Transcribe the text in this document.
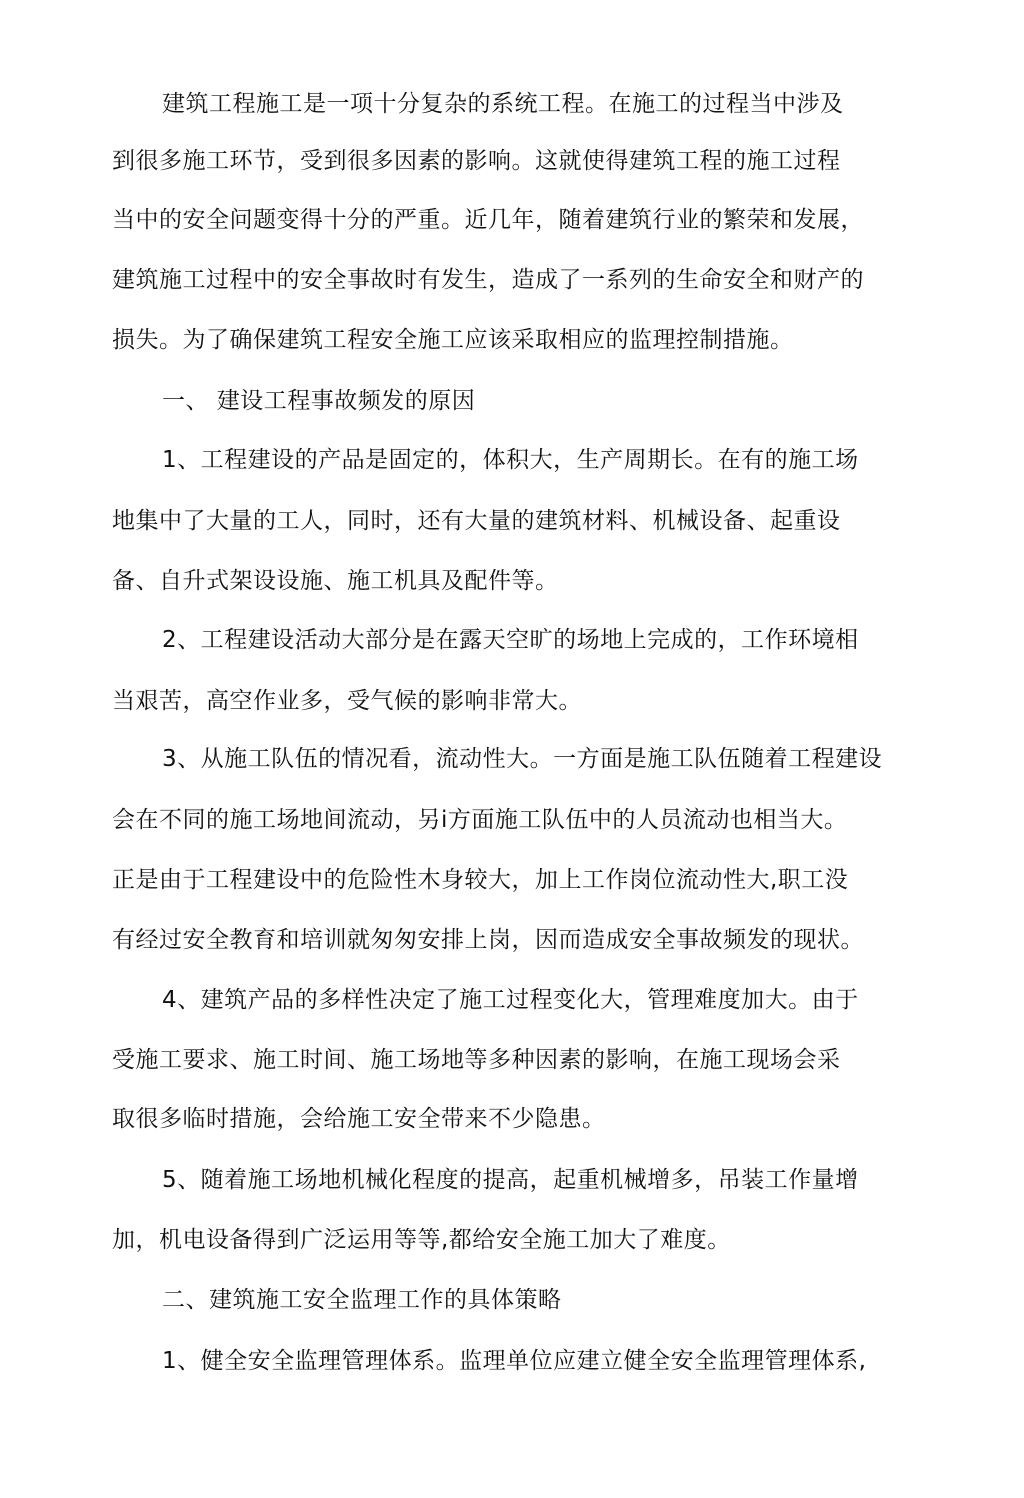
建筑工程施工是一项十分复杂的系统工程。在施工的过程当中涉及
到很多施工环节，受到很多因素的影响。这就使得建筑工程的施工过程
当中的安全问题变得十分的严重。近几年，随着建筑行业的繁荣和发展，
建筑施工过程中的安全事故时有发生，造成了一系列的生命安全和财产的
损失。为了确保建筑工程安全施工应该采取相应的监理控制措施。
一、 建设工程事故频发的原因
1、工程建设的产品是固定的，体积大，生产周期长。在有的施工场
地集中了大量的工人，同时，还有大量的建筑材料、机械设备、起重设
备、自升式架设设施、施工机具及配件等。
2、工程建设活动大部分是在露天空旷的场地上完成的，工作环境相
当艰苦，高空作业多，受气候的影响非常大。
3、从施工队伍的情况看，流动性大。一方面是施工队伍随着工程建设
会在不同的施工场地间流动，另i方面施工队伍中的人员流动也相当大。
正是由于工程建设中的危险性木身较大，加上工作岗位流动性大,职工没
有经过安全教育和培训就匆匆安排上岗，因而造成安全事故频发的现状。
4、建筑产品的多样性决定了施工过程变化大，管理难度加大。由于
受施工要求、施工时间、施工场地等多种因素的影响，在施工现场会采
取很多临时措施，会给施工安全带来不少隐患。
5、随着施工场地机械化程度的提高，起重机械增多，吊装工作量增
加，机电设备得到广泛运用等等,都给安全施工加大了难度。
二、建筑施工安全监理工作的具体策略
1、健全安全监理管理体系。监理单位应建立健全安全监理管理体系,
